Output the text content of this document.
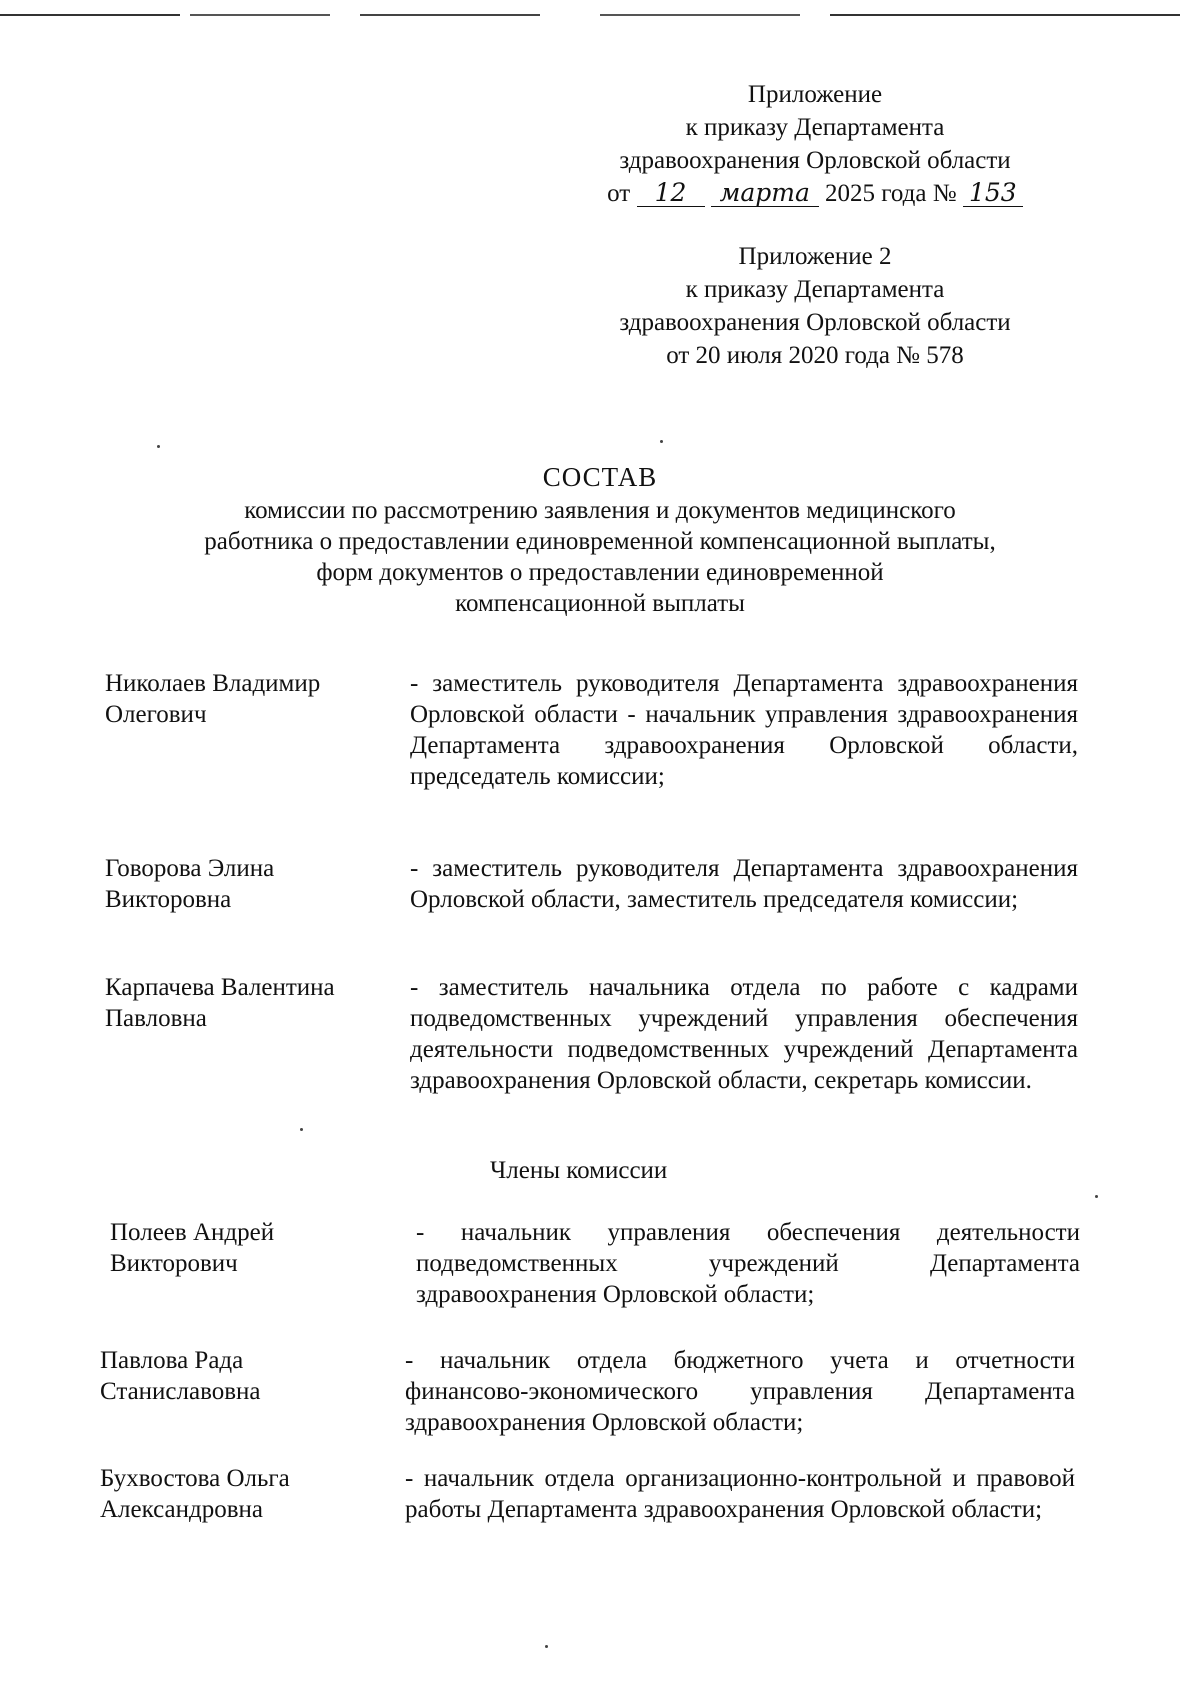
Приложение
к приказу Департамента
здравоохранения Орловской области
от 12 марта 2025 года № 153
Приложение 2
к приказу Департамента
здравоохранения Орловской области
от 20 июля 2020 года № 578
СОСТАВ
комиссии по рассмотрению заявления и документов медицинского
работника о предоставлении единовременной компенсационной выплаты,
форм документов о предоставлении единовременной
компенсационной выплаты
Николаев Владимир
Олегович
- заместитель руководителя Департамента здравоохранения Орловской области - начальник управления здравоохранения Департамента здравоохранения Орловской области, председатель комиссии;
Говорова Элина
Викторовна
- заместитель руководителя Департамента здравоохранения Орловской области, заместитель председателя комиссии;
Карпачева Валентина
Павловна
- заместитель начальника отдела по работе с кадрами подведомственных учреждений управления обеспечения деятельности подведомственных учреждений Департамента здравоохранения Орловской области, секретарь комиссии.
Члены комиссии
Полеев Андрей
Викторович
- начальник управления обеспечения деятельности подведомственных учреждений Департамента здравоохранения Орловской области;
Павлова Рада
Станиславовна
- начальник отдела бюджетного учета и отчетности финансово-экономического управления Департамента здравоохранения Орловской области;
Бухвостова Ольга
Александровна
- начальник отдела организационно-контрольной и правовой работы Департамента здравоохранения Орловской области;
